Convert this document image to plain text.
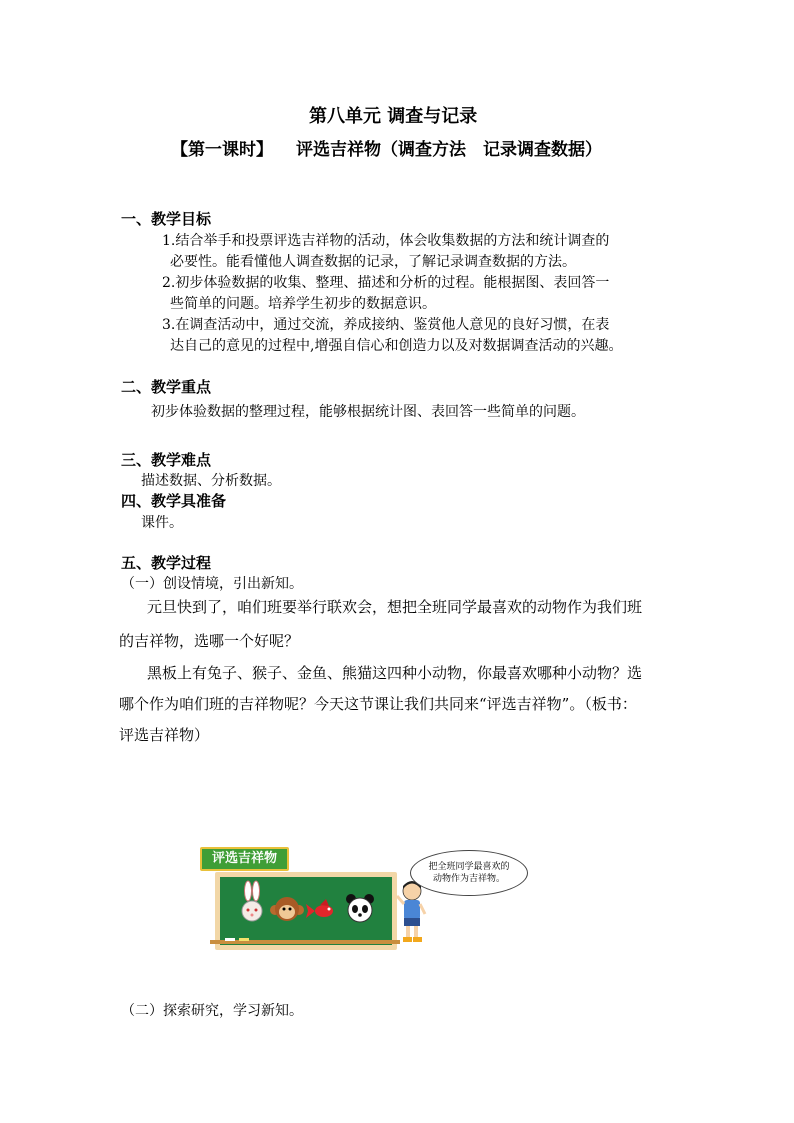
第八单元 调查与记录
【第一课时】 评选吉祥物（调查方法　记录调查数据）
一、教学目标
1.结合举手和投票评选吉祥物的活动，体会收集数据的方法和统计调查的
必要性。能看懂他人调查数据的记录，了解记录调查数据的方法。
2.初步体验数据的收集、整理、描述和分析的过程。能根据图、表回答一
些简单的问题。培养学生初步的数据意识。
3.在调查活动中，通过交流，养成接纳、鉴赏他人意见的良好习惯，在表
达自己的意见的过程中,增强自信心和创造力以及对数据调查活动的兴趣。
二、教学重点
初步体验数据的整理过程，能够根据统计图、表回答一些简单的问题。
三、教学难点
描述数据、分析数据。
四、教学具准备
课件。
五、教学过程
（一）创设情境，引出新知。
元旦快到了，咱们班要举行联欢会，想把全班同学最喜欢的动物作为我们班
的吉祥物，选哪一个好呢？
黑板上有兔子、猴子、金鱼、熊猫这四种小动物，你最喜欢哪种小动物？选
哪个作为咱们班的吉祥物呢？今天这节课让我们共同来“评选吉祥物”。（板书：
评选吉祥物）
评选吉祥物
把全班同学最喜欢的
动物作为吉祥物。
（二）探索研究，学习新知。
